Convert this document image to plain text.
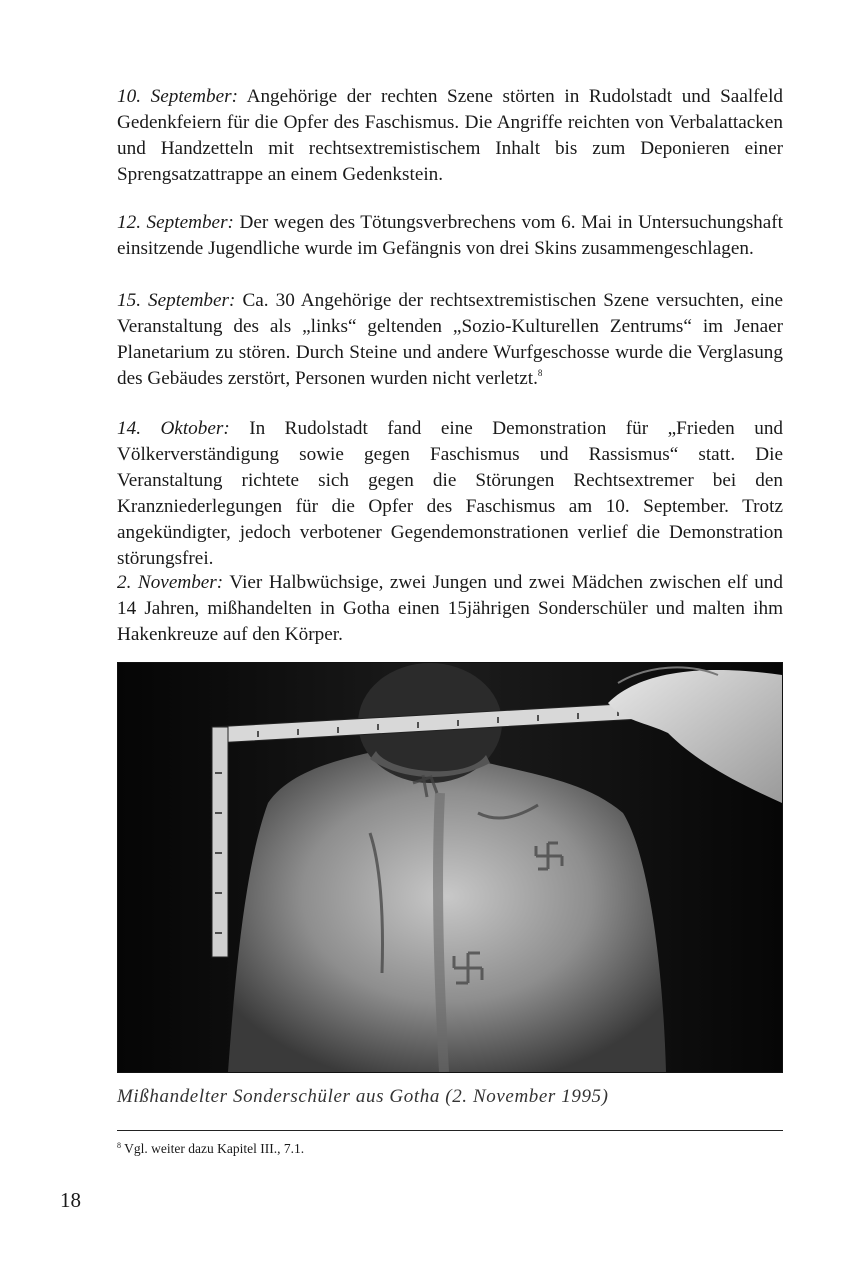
10. September: Angehörige der rechten Szene störten in Rudolstadt und Saalfeld Gedenkfeiern für die Opfer des Faschismus. Die Angriffe reichten von Verbalattacken und Handzetteln mit rechtsextremistischem Inhalt bis zum Deponieren einer Sprengsatzattrappe an einem Gedenkstein.

12. September: Der wegen des Tötungsverbrechens vom 6. Mai in Untersuchungshaft einsitzende Jugendliche wurde im Gefängnis von drei Skins zusammengeschlagen.

15. September: Ca. 30 Angehörige der rechtsextremistischen Szene versuchten, eine Veranstaltung des als „links“ geltenden „Sozio-Kulturellen Zentrums“ im Jenaer Planetarium zu stören. Durch Steine und andere Wurfgeschosse wurde die Verglasung des Gebäudes zerstört, Personen wurden nicht verletzt.$^8$

14. Oktober: In Rudolstadt fand eine Demonstration für „Frieden und Völkerverständigung sowie gegen Faschismus und Rassismus“ statt. Die Veranstaltung richtete sich gegen die Störungen Rechtsextremer bei den Kranzniederlegungen für die Opfer des Faschismus am 10. September. Trotz angekündigter, jedoch verbotener Gegendemonstrationen verlief die Demonstration störungsfrei.

2. November: Vier Halbwüchsige, zwei Jungen und zwei Mädchen zwischen elf und 14 Jahren, mißhandelten in Gotha einen 15jährigen Sonderschüler und malten ihm Hakenkreuze auf den Körper.

Mißhandelter Sonderschüler aus Gotha (2. November 1995)

$^8$ Vgl. weiter dazu Kapitel III., 7.1.

18
